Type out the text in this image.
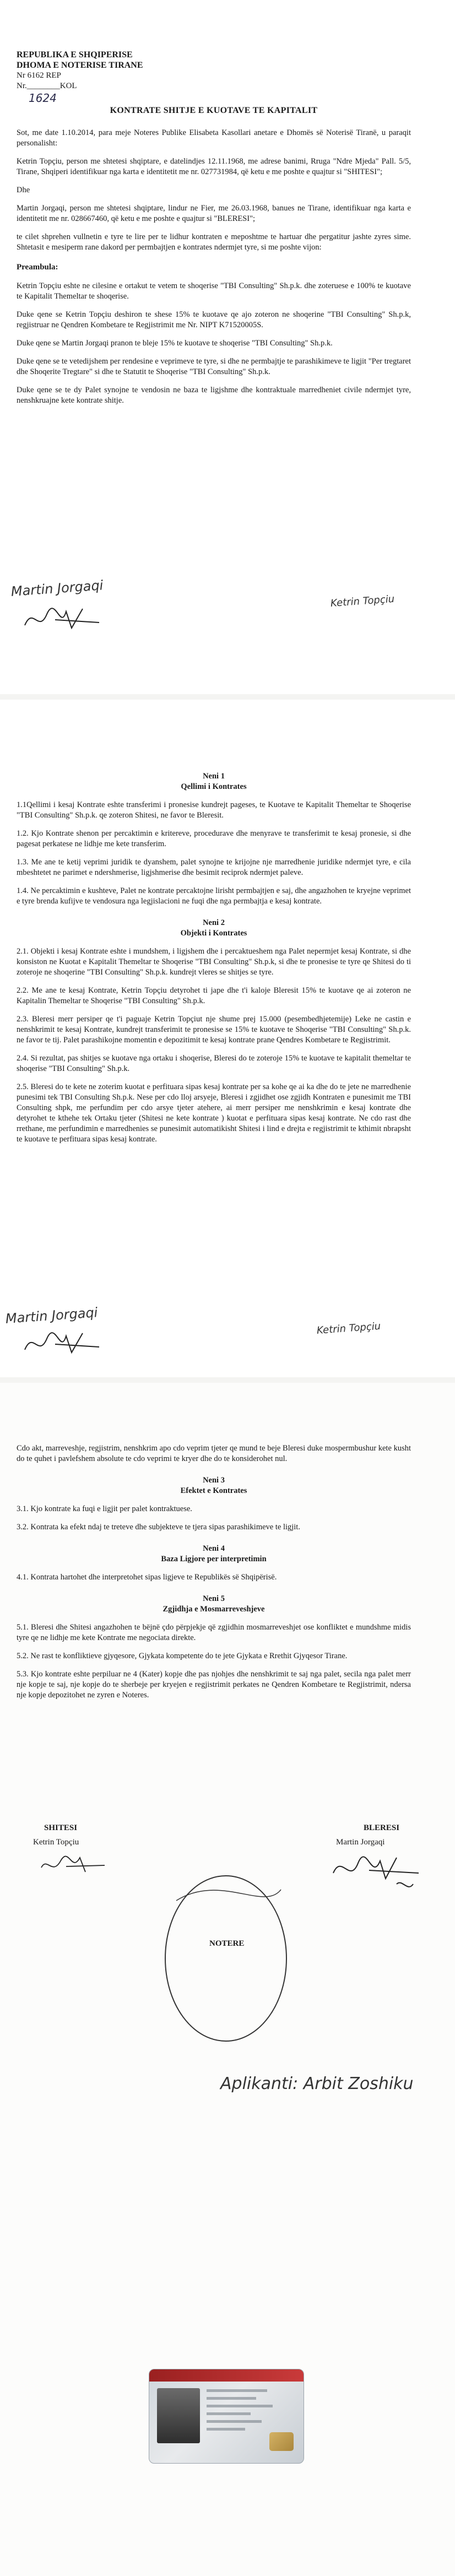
REPUBLIKA E SHQIPERISE
DHOMA E NOTERISE TIRANE
Nr 6162 REP
Nr.________KOL
1624
KONTRATE SHITJE E KUOTAVE TE KAPITALIT

Sot, me date 1.10.2014, para meje Noteres Publike Elisabeta Kasollari anetare e Dhomës së Noterisë Tiranë, u paraqit personalisht:

Ketrin Topçiu, person me shtetesi shqiptare, e datelindjes 12.11.1968, me adrese banimi, Rruga "Ndre Mjeda" Pall. 5/5, Tirane, Shqiperi identifikuar nga karta e identitetit me nr. 027731984, që ketu e me poshte e quajtur si "SHITESI";

Dhe

Martin Jorgaqi, person me shtetesi shqiptare, lindur ne Fier, me 26.03.1968, banues ne Tirane, identifikuar nga karta e identitetit me nr. 028667460, që ketu e me poshte e quajtur si "BLERESI";

te cilet shprehen vullnetin e tyre te lire per te lidhur kontraten e meposhtme te hartuar dhe pergatitur jashte zyres sime. Shtetasit e mesiperm rane dakord per permbajtjen e kontrates ndermjet tyre, si me poshte vijon:

Preambula:

Ketrin Topçiu eshte ne cilesine e ortakut te vetem te shoqerise "TBI Consulting" Sh.p.k. dhe zoteruese e 100% te kuotave te Kapitalit Themeltar te shoqerise.

Duke qene se Ketrin Topçiu deshiron te shese 15% te kuotave qe ajo zoteron ne shoqerine "TBI Consulting" Sh.p.k, regjistruar ne Qendren Kombetare te Regjistrimit me Nr. NIPT K71520005S.

Duke qene se Martin Jorgaqi pranon te bleje 15% te kuotave te shoqerise "TBI Consulting" Sh.p.k.

Duke qene se te vetedijshem per rendesine e veprimeve te tyre, si dhe ne permbajtje te parashikimeve te ligjit "Per tregtaret dhe Shoqerite Tregtare" si dhe te Statutit te Shoqerise "TBI Consulting" Sh.p.k.

Duke qene se te dy Palet synojne te vendosin ne baza te ligjshme dhe kontraktuale marredheniet civile ndermjet tyre, nenshkruajne kete kontrate shitje.

Martin Jorgaqi
Ketrin Topçiu
Neni 1
Qellimi i Kontrates

1.1Qellimi i kesaj Kontrate eshte transferimi i pronesise kundrejt pageses, te Kuotave te Kapitalit Themeltar te Shoqerise "TBI Consulting" Sh.p.k. qe zoteron Shitesi, ne favor te Bleresit.

1.2. Kjo Kontrate shenon per percaktimin e kritereve, procedurave dhe menyrave te transferimit te kesaj pronesie, si dhe pagesat perkatese ne lidhje me kete transferim.

1.3. Me ane te ketij veprimi juridik te dyanshem, palet synojne te krijojne nje marredhenie juridike ndermjet tyre, e cila mbeshtetet ne parimet e ndershmerise, ligjshmerise dhe besimit reciprok ndermjet paleve.

1.4. Ne percaktimin e kushteve, Palet ne kontrate percaktojne lirisht permbajtjen e saj, dhe angazhohen te kryejne veprimet e tyre brenda kufijve te vendosura nga legjislacioni ne fuqi dhe nga permbajtja e kesaj kontrate.

Neni 2
Objekti i Kontrates

2.1. Objekti i kesaj Kontrate eshte i mundshem, i ligjshem dhe i percaktueshem nga Palet nepermjet kesaj Kontrate, si dhe konsiston ne Kuotat e Kapitalit Themeltar te Shoqerise "TBI Consulting" Sh.p.k, si dhe te pronesise te tyre qe Shitesi do ti zoteroje ne shoqerine "TBI Consulting" Sh.p.k. kundrejt vleres se shitjes se tyre.

2.2. Me ane te kesaj Kontrate, Ketrin Topçiu detyrohet ti jape dhe t'i kaloje Bleresit 15% te kuotave qe ai zoteron ne Kapitalin Themeltar te Shoqerise "TBI Consulting" Sh.p.k.

2.3. Bleresi merr persiper qe t'i paguaje Ketrin Topçiut nje shume prej 15.000 (pesembedhjetemije) Leke ne castin e nenshkrimit te kesaj Kontrate, kundrejt transferimit te pronesise se 15% te kuotave te Shoqerise "TBI Consulting" Sh.p.k. ne favor te tij. Palet parashikojne momentin e depozitimit te kesaj kontrate prane Qendres Kombetare te Regjistrimit.

2.4. Si rezultat, pas shitjes se kuotave nga ortaku i shoqerise, Bleresi do te zoteroje 15% te kuotave te kapitalit themeltar te shoqerise "TBI Consulting" Sh.p.k.

2.5. Bleresi do te kete ne zoterim kuotat e perfituara sipas kesaj kontrate per sa kohe qe ai ka dhe do te jete ne marredhenie punesimi tek TBI Consulting Sh.p.k. Nese per cdo lloj arsyeje, Bleresi i zgjidhet ose zgjidh Kontraten e punesimit me TBI Consulting shpk, me perfundim per cdo arsye tjeter atehere, ai merr persiper me nenshkrimin e kesaj kontrate dhe detyrohet te kthehe tek Ortaku tjeter (Shitesi ne kete kontrate ) kuotat e perfituara sipas kesaj kontrate. Ne cdo rast dhe rrethane, me perfundimin e marredhenies se punesimit automatikisht Shitesi i lind e drejta e regjistrimit te kthimit nbrapsht te kuotave te perfituara sipas kesaj kontrate.

Martin Jorgaqi
Ketrin Topçiu

Cdo akt, marreveshje, regjistrim, nenshkrim apo cdo veprim tjeter qe mund te beje Bleresi duke mospermbushur kete kusht do te quhet i pavlefshem absolute te cdo veprimi te kryer dhe do te konsiderohet nul.

Neni 3
Efektet e Kontrates

3.1. Kjo kontrate ka fuqi e ligjit per palet kontraktuese.

3.2. Kontrata ka efekt ndaj te treteve dhe subjekteve te tjera sipas parashikimeve te ligjit.

Neni 4
Baza Ligjore per interpretimin

4.1. Kontrata hartohet dhe interpretohet sipas ligjeve te Republikës së Shqipërisë.

Neni 5
Zgjidhja e Mosmarreveshjeve

5.1. Bleresi dhe Shitesi angazhohen te bëjnë çdo përpjekje që zgjidhin mosmarreveshjet ose konfliktet e mundshme midis tyre qe ne lidhje me kete Kontrate me negociata direkte.

5.2. Ne rast te konfliktieve gjyqesore, Gjykata kompetente do te jete Gjykata e Rrethit Gjyqesor Tirane.

5.3. Kjo kontrate eshte perpiluar ne 4 (Kater) kopje dhe pas njohjes dhe nenshkrimit te saj nga palet, secila nga palet merr nje kopje te saj, nje kopje do te sherbeje per kryejen e regjistrimit perkates ne Qendren Kombetare te Regjistrimit, ndersa nje kopje depozitohet ne zyren e Noteres.

SHITESI
Ketrin Topçiu
BLERESI
Martin Jorgaqi
NOTERE
Aplikanti: Arbit Zoshiku
